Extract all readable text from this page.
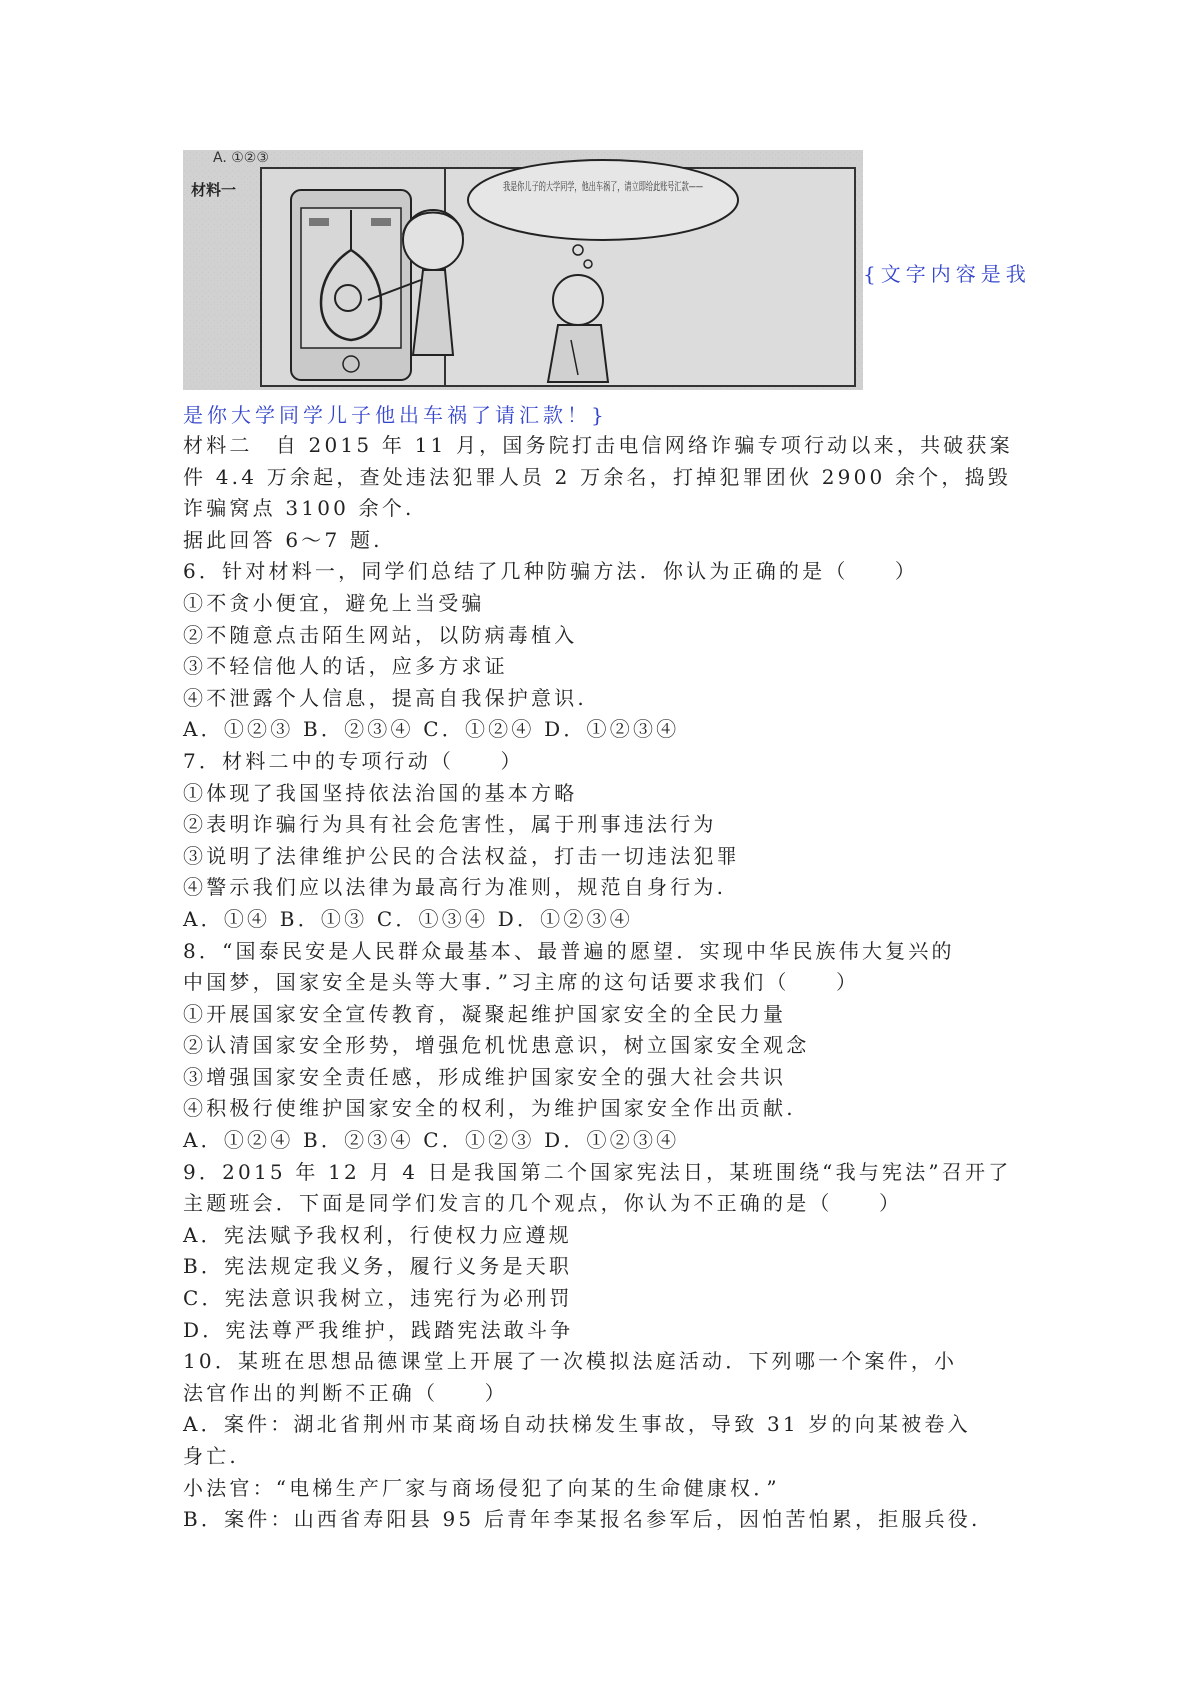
A. ①②③
材料一	我是你儿子的大学同学，他出车祸了，请立即给此账号汇款——
{文字内容是我
是你大学同学儿子他出车祸了请汇款！}

材料二　自 2015 年 11 月，国务院打击电信网络诈骗专项行动以来，共破获案

件 4.4 万余起，查处违法犯罪人员 2 万余名，打掉犯罪团伙 2900 余个，捣毁

诈骗窝点 3100 余个.

据此回答 6～7 题.

6．针对材料一，同学们总结了几种防骗方法．你认为正确的是（　　）

①不贪小便宜，避免上当受骗

②不随意点击陌生网站，以防病毒植入

③不轻信他人的话，应多方求证

④不泄露个人信息，提高自我保护意识.

A．①②③ B．②③④ C．①②④ D．①②③④

7．材料二中的专项行动（　　）

①体现了我国坚持依法治国的基本方略

②表明诈骗行为具有社会危害性，属于刑事违法行为

③说明了法律维护公民的合法权益，打击一切违法犯罪

④警示我们应以法律为最高行为准则，规范自身行为.

A．①④ B．①③ C．①③④ D．①②③④

8．“国泰民安是人民群众最基本、最普遍的愿望．实现中华民族伟大复兴的

中国梦，国家安全是头等大事．”习主席的这句话要求我们（　　）

①开展国家安全宣传教育，凝聚起维护国家安全的全民力量

②认清国家安全形势，增强危机忧患意识，树立国家安全观念

③增强国家安全责任感，形成维护国家安全的强大社会共识

④积极行使维护国家安全的权利，为维护国家安全作出贡献.

A．①②④ B．②③④ C．①②③ D．①②③④

9．2015 年 12 月 4 日是我国第二个国家宪法日，某班围绕“我与宪法”召开了

主题班会．下面是同学们发言的几个观点，你认为不正确的是（　　）

A．宪法赋予我权利，行使权力应遵规

B．宪法规定我义务，履行义务是天职

C．宪法意识我树立，违宪行为必刑罚

D．宪法尊严我维护，践踏宪法敢斗争

10．某班在思想品德课堂上开展了一次模拟法庭活动．下列哪一个案件，小

法官作出的判断不正确（　　）

A．案件：湖北省荆州市某商场自动扶梯发生事故，导致 31 岁的向某被卷入

身亡.

小法官：“电梯生产厂家与商场侵犯了向某的生命健康权．”

B．案件：山西省寿阳县 95 后青年李某报名参军后，因怕苦怕累，拒服兵役.
